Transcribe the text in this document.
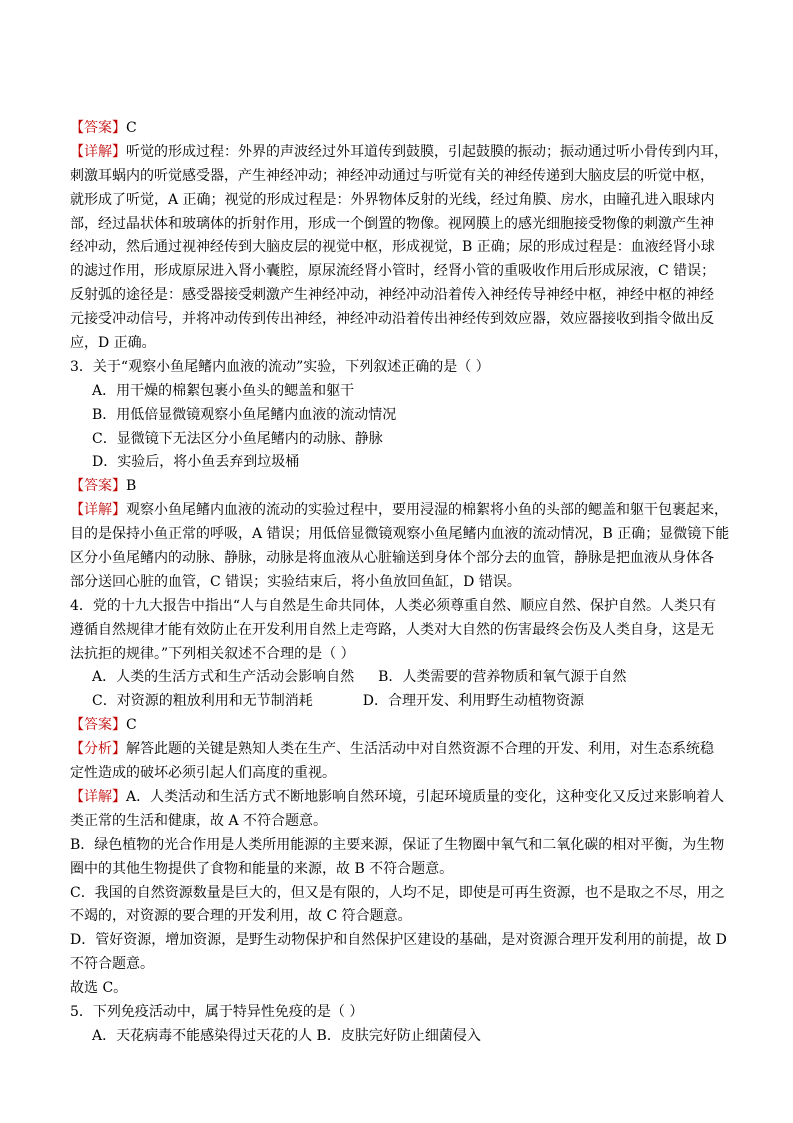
【答案】C
【详解】听觉的形成过程：外界的声波经过外耳道传到鼓膜，引起鼓膜的振动；振动通过听小骨传到内耳，
刺激耳蜗内的听觉感受器，产生神经冲动；神经冲动通过与听觉有关的神经传递到大脑皮层的听觉中枢，
就形成了听觉，A 正确；视觉的形成过程是：外界物体反射的光线，经过角膜、房水，由瞳孔进入眼球内
部，经过晶状体和玻璃体的折射作用，形成一个倒置的物像。视网膜上的感光细胞接受物像的刺激产生神
经冲动，然后通过视神经传到大脑皮层的视觉中枢，形成视觉，B 正确；尿的形成过程是：血液经肾小球
的滤过作用，形成原尿进入肾小囊腔，原尿流经肾小管时，经肾小管的重吸收作用后形成尿液，C 错误；
反射弧的途径是：感受器接受刺激产生神经冲动，神经冲动沿着传入神经传导神经中枢，神经中枢的神经
元接受冲动信号，并将冲动传到传出神经，神经冲动沿着传出神经传到效应器，效应器接收到指令做出反
应，D 正确。
3．关于“观察小鱼尾鳍内血液的流动”实验，下列叙述正确的是（ ）
A．用干燥的棉絮包裹小鱼头的鳃盖和躯干
B．用低倍显微镜观察小鱼尾鳍内血液的流动情况
C．显微镜下无法区分小鱼尾鳍内的动脉、静脉
D．实验后，将小鱼丢弃到垃圾桶
【答案】B
【详解】观察小鱼尾鳍内血液的流动的实验过程中，要用浸湿的棉絮将小鱼的头部的鳃盖和躯干包裹起来，
目的是保持小鱼正常的呼吸，A 错误；用低倍显微镜观察小鱼尾鳍内血液的流动情况，B 正确；显微镜下能
区分小鱼尾鳍内的动脉、静脉，动脉是将血液从心脏输送到身体个部分去的血管，静脉是把血液从身体各
部分送回心脏的血管，C 错误；实验结束后，将小鱼放回鱼缸，D 错误。
4．党的十九大报告中指出“人与自然是生命共同体，人类必须尊重自然、顺应自然、保护自然。人类只有
遵循自然规律才能有效防止在开发利用自然上走弯路，人类对大自然的伤害最终会伤及人类自身，这是无
法抗拒的规律。”下列相关叙述不合理的是（ ）
A．人类的生活方式和生产活动会影响自然 B．人类需要的营养物质和氧气源于自然
C．对资源的粗放利用和无节制消耗	D．合理开发、利用野生动植物资源
【答案】C
【分析】解答此题的关键是熟知人类在生产、生活活动中对自然资源不合理的开发、利用，对生态系统稳
定性造成的破坏必须引起人们高度的重视。
【详解】A．人类活动和生活方式不断地影响自然环境，引起环境质量的变化，这种变化又反过来影响着人
类正常的生活和健康，故 A 不符合题意。
B．绿色植物的光合作用是人类所用能源的主要来源，保证了生物圈中氧气和二氧化碳的相对平衡，为生物
圈中的其他生物提供了食物和能量的来源，故 B 不符合题意。
C．我国的自然资源数量是巨大的，但又是有限的，人均不足，即使是可再生资源，也不是取之不尽，用之
不竭的，对资源的要合理的开发利用，故 C 符合题意。
D．管好资源，增加资源，是野生动物保护和自然保护区建设的基础，是对资源合理开发利用的前提，故 D
不符合题意。
故选 C。
5．下列免疫活动中，属于特异性免疫的是（ ）
A．天花病毒不能感染得过天花的人 B．皮肤完好防止细菌侵入
